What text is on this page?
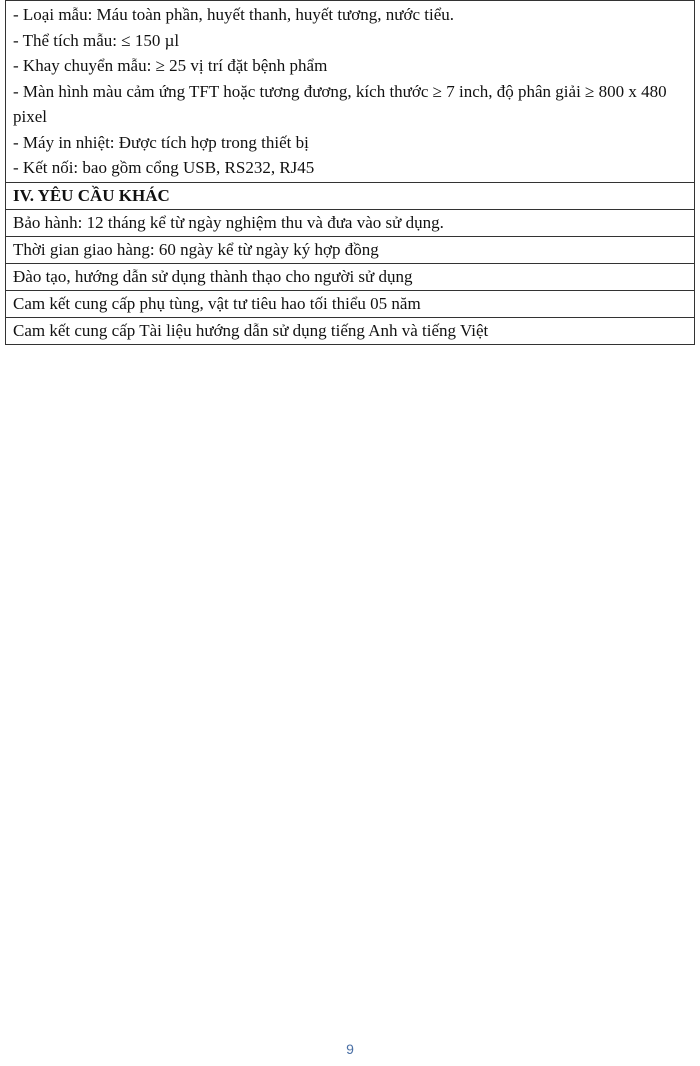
- Loại mẫu: Máu toàn phần, huyết thanh, huyết tương, nước tiểu.
- Thể tích mẫu: ≤ 150 µl
- Khay chuyển mẫu: ≥ 25 vị trí đặt bệnh phẩm
- Màn hình màu cảm ứng TFT hoặc tương đương, kích thước ≥ 7 inch, độ phân giải ≥ 800 x 480 pixel
- Máy in nhiệt: Được tích hợp trong thiết bị
- Kết nối: bao gồm cổng USB, RS232, RJ45

IV. YÊU CẦU KHÁC
Bảo hành: 12 tháng kể từ ngày nghiệm thu và đưa vào sử dụng.
Thời gian giao hàng: 60 ngày kể từ ngày ký hợp đồng
Đào tạo, hướng dẫn sử dụng thành thạo cho người sử dụng
Cam kết cung cấp phụ tùng, vật tư tiêu hao tối thiểu 05 năm
Cam kết cung cấp Tài liệu hướng dẫn sử dụng tiếng Anh và tiếng Việt
9
